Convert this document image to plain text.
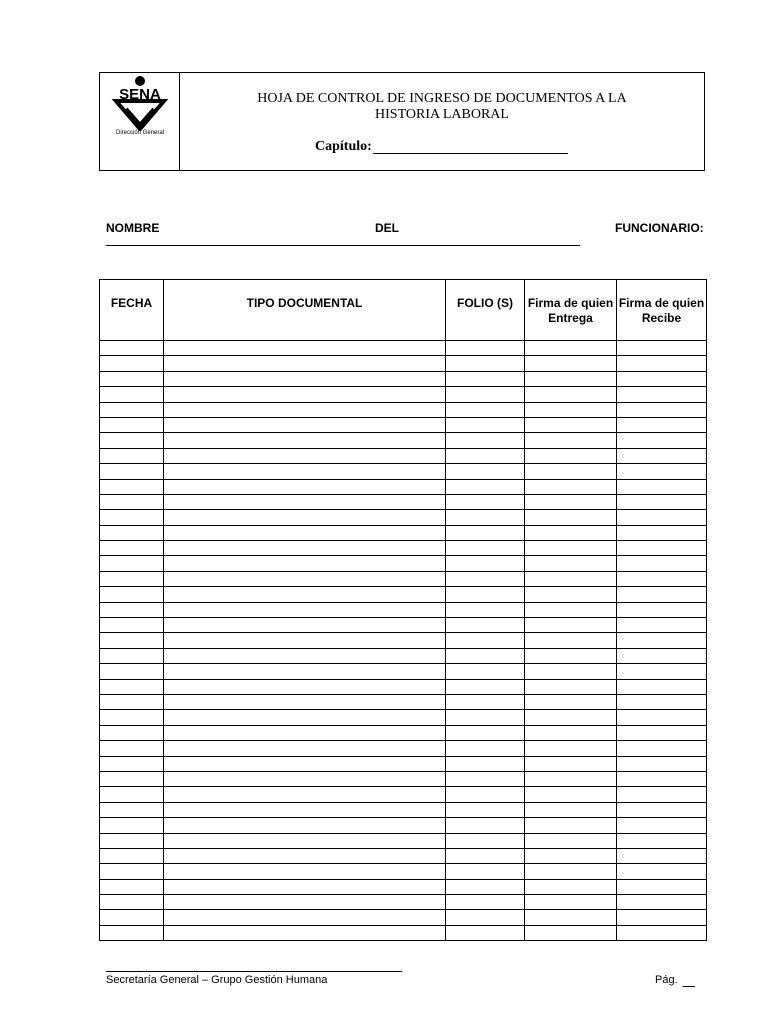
SENA
Dirección General
HOJA DE CONTROL DE INGRESO DE DOCUMENTOS A LA
HISTORIA LABORAL
Capítulo:
NOMBRE	DEL	FUNCIONARIO:
FECHA	TIPO DOCUMENTAL	FOLIO (S)	Firma de quien Entrega	Firma de quien Recibe

Secretaría General – Grupo Gestión Humana	Pág.
